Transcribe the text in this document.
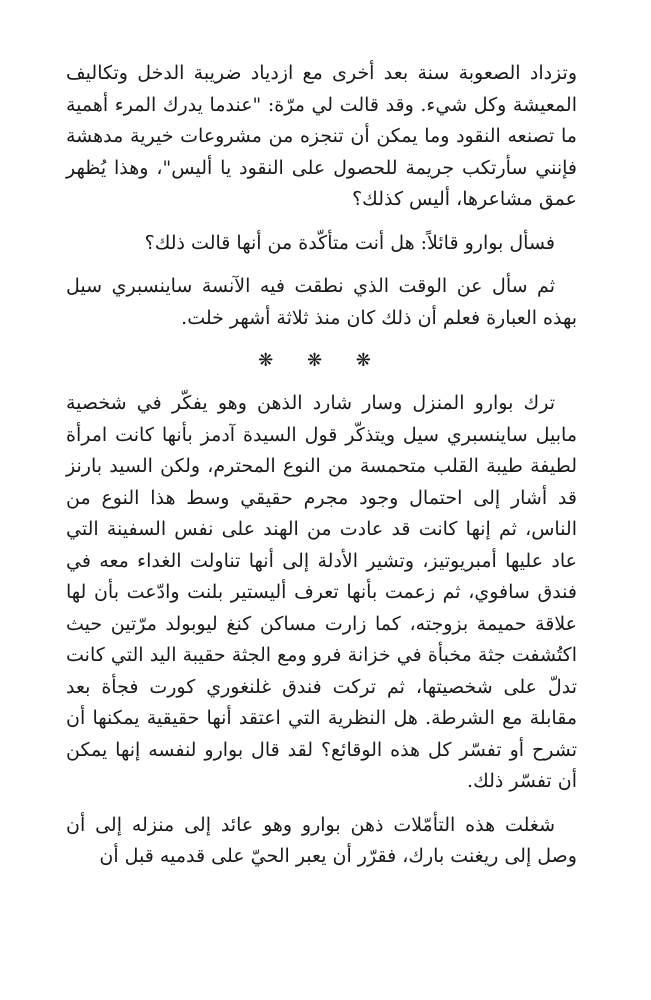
وتزداد الصعوبة سنة بعد أخرى مع ازدياد ضريبة الدخل وتكاليف المعيشة وكل شيء. وقد قالت لي مرّة: "عندما يدرك المرء أهمية ما تصنعه النقود وما يمكن أن تنجزه من مشروعات خيرية مدهشة فإنني سأرتكب جريمة للحصول على النقود يا أليس"، وهذا يُظهر عمق مشاعرها، أليس كذلك؟

فسأل بوارو قائلاً: هل أنت متأكّدة من أنها قالت ذلك؟

ثم سأل عن الوقت الذي نطقت فيه الآنسة ساينسبري سيل بهذه العبارة فعلم أن ذلك كان منذ ثلاثة أشهر خلت.

❋ ❋ ❋

ترك بوارو المنزل وسار شارد الذهن وهو يفكّر في شخصية مابيل ساينسبري سيل ويتذكّر قول السيدة آدمز بأنها كانت امرأة لطيفة طيبة القلب متحمسة من النوع المحترم، ولكن السيد بارنز قد أشار إلى احتمال وجود مجرم حقيقي وسط هذا النوع من الناس، ثم إنها كانت قد عادت من الهند على نفس السفينة التي عاد عليها أمبريوتيز، وتشير الأدلة إلى أنها تناولت الغداء معه في فندق سافوي، ثم زعمت بأنها تعرف أليستير بلنت وادّعت بأن لها علاقة حميمة بزوجته، كما زارت مساكن كنغ ليوبولد مرّتين حيث اكتُشفت جثة مخبأة في خزانة فرو ومع الجثة حقيبة اليد التي كانت تدلّ على شخصيتها، ثم تركت فندق غلنغوري كورت فجأة بعد مقابلة مع الشرطة. هل النظرية التي اعتقد أنها حقيقية يمكنها أن تشرح أو تفسّر كل هذه الوقائع؟ لقد قال بوارو لنفسه إنها يمكن أن تفسّر ذلك.

شغلت هذه التأمّلات ذهن بوارو وهو عائد إلى منزله إلى أن وصل إلى ريغنت بارك، فقرّر أن يعبر الحيّ على قدميه قبل أن
